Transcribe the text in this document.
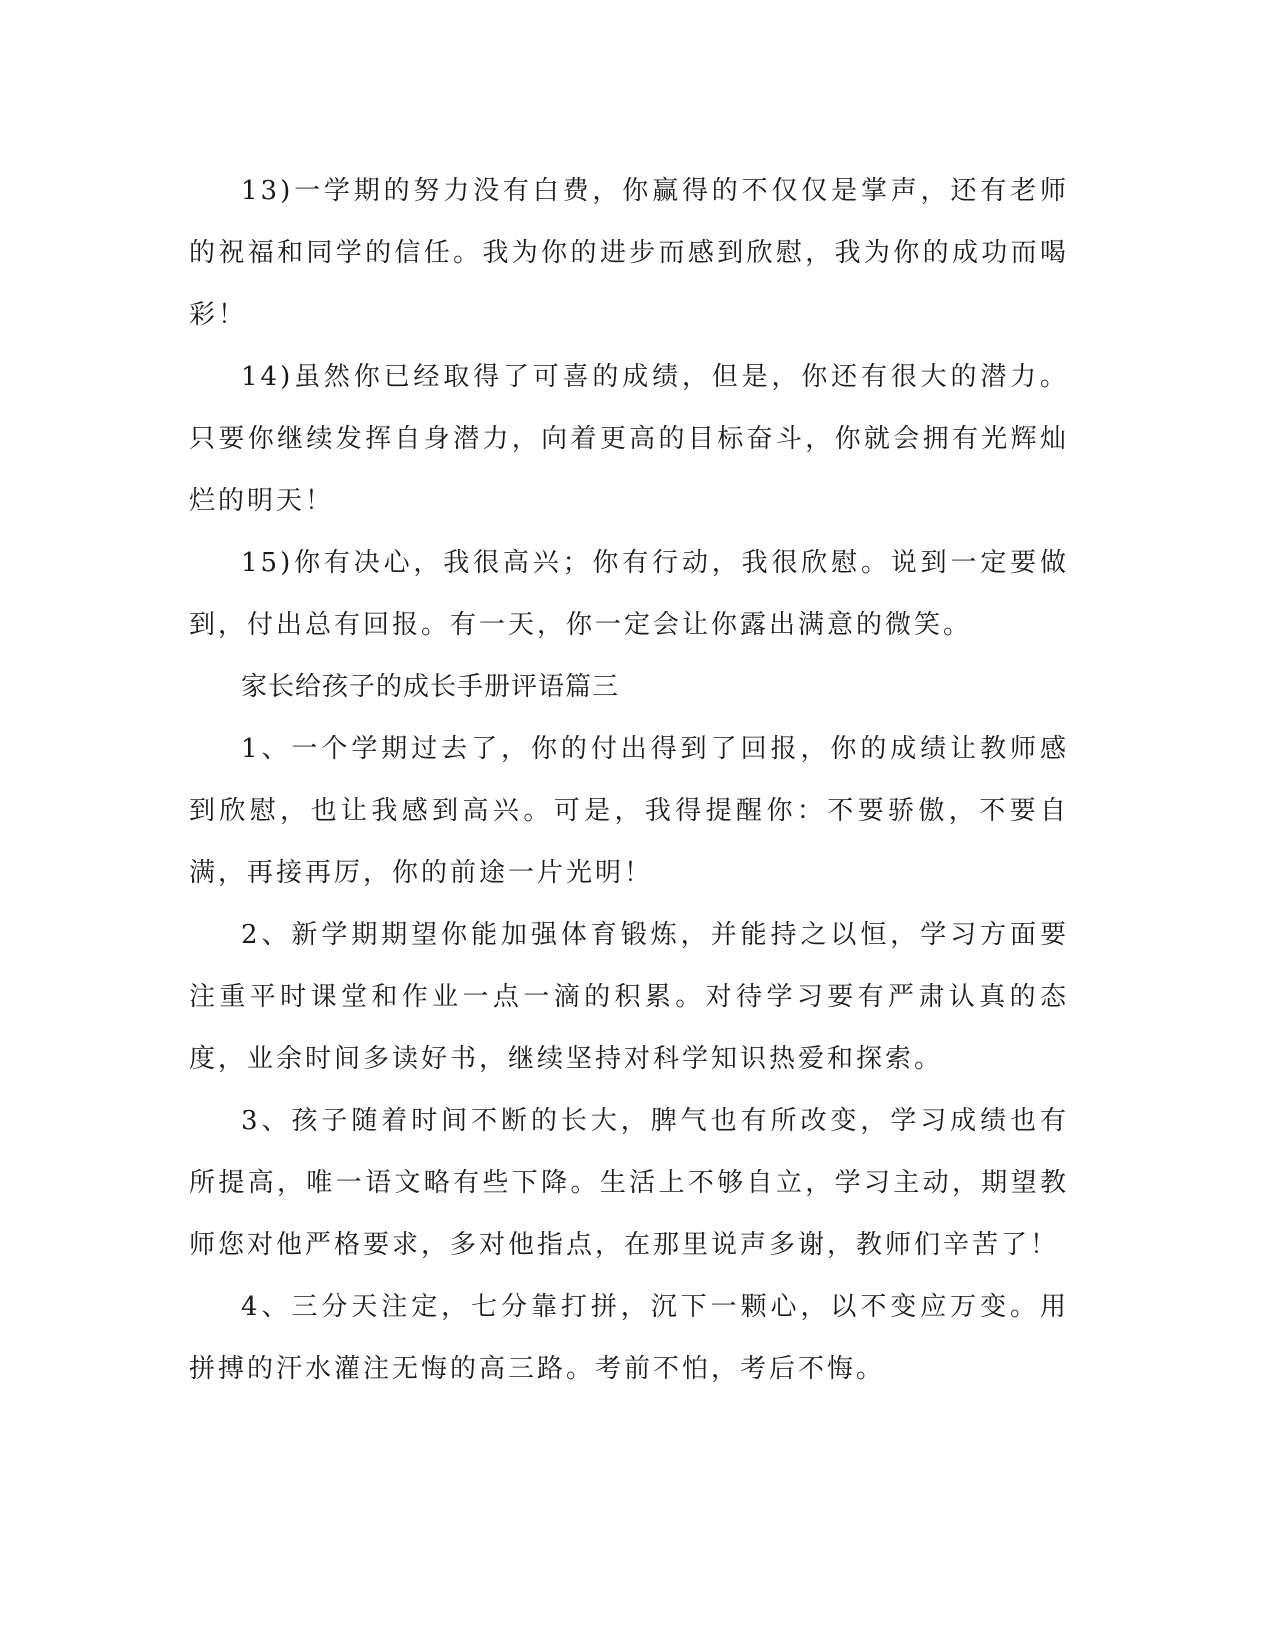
13)一学期的努力没有白费，你赢得的不仅仅是掌声，还有老师的祝福和同学的信任。我为你的进步而感到欣慰，我为你的成功而喝彩！

14)虽然你已经取得了可喜的成绩，但是，你还有很大的潜力。只要你继续发挥自身潜力，向着更高的目标奋斗，你就会拥有光辉灿烂的明天！

15)你有决心，我很高兴；你有行动，我很欣慰。说到一定要做到，付出总有回报。有一天，你一定会让你露出满意的微笑。

家长给孩子的成长手册评语篇三

1、一个学期过去了，你的付出得到了回报，你的成绩让教师感到欣慰，也让我感到高兴。可是，我得提醒你：不要骄傲，不要自满，再接再厉，你的前途一片光明！

2、新学期期望你能加强体育锻炼，并能持之以恒，学习方面要注重平时课堂和作业一点一滴的积累。对待学习要有严肃认真的态度，业余时间多读好书，继续坚持对科学知识热爱和探索。

3、孩子随着时间不断的长大，脾气也有所改变，学习成绩也有所提高，唯一语文略有些下降。生活上不够自立，学习主动，期望教师您对他严格要求，多对他指点，在那里说声多谢，教师们辛苦了！

4、三分天注定，七分靠打拼，沉下一颗心，以不变应万变。用拼搏的汗水灌注无悔的高三路。考前不怕，考后不悔。
